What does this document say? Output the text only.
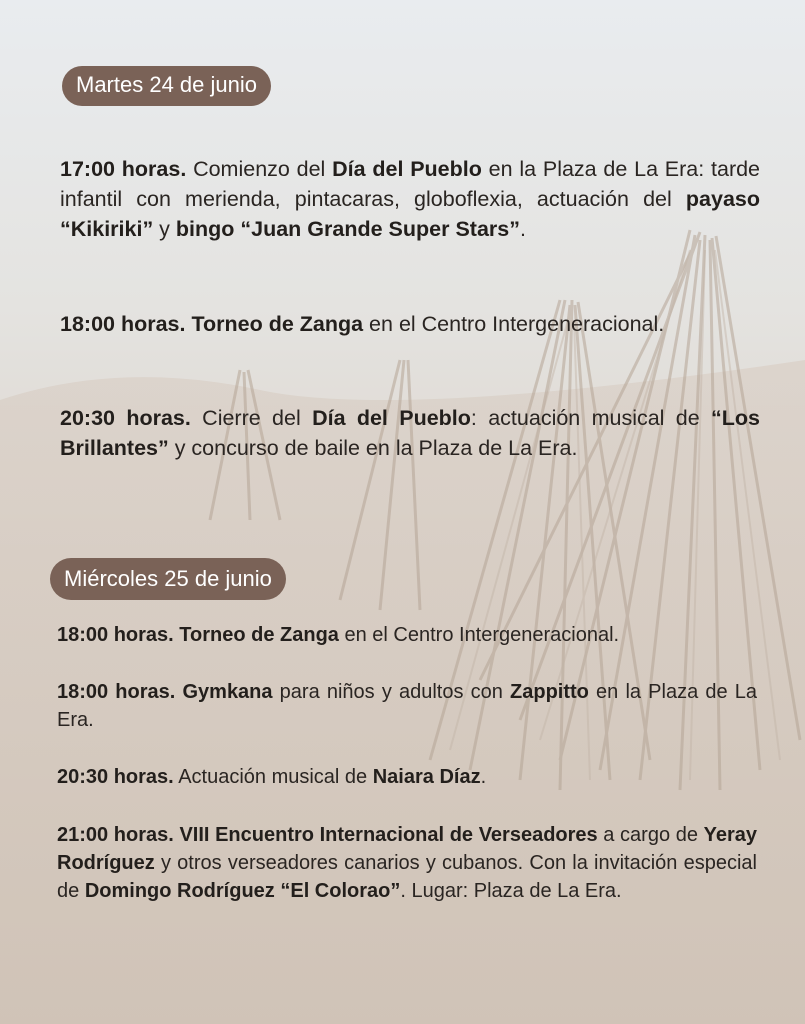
Martes 24 de junio

17:00 horas. Comienzo del Día del Pueblo en la Plaza de La Era: tarde infantil con merienda, pintacaras, globoflexia, actuación del payaso “Kikiriki” y bingo “Juan Grande Super Stars”.

18:00 horas. Torneo de Zanga en el Centro Intergeneracional.

20:30 horas. Cierre del Día del Pueblo: actuación musical de “Los Brillantes” y concurso de baile en la Plaza de La Era.

Miércoles 25 de junio

18:00 horas. Torneo de Zanga en el Centro Intergeneracional.

18:00 horas. Gymkana para niños y adultos con Zappitto en la Plaza de La Era.

20:30 horas. Actuación musical de Naiara Díaz.

21:00 horas. VIII Encuentro Internacional de Verseadores a cargo de Yeray Rodríguez y otros verseadores canarios y cubanos. Con la invitación especial de Domingo Rodríguez “El Colorao”. Lugar: Plaza de La Era.
